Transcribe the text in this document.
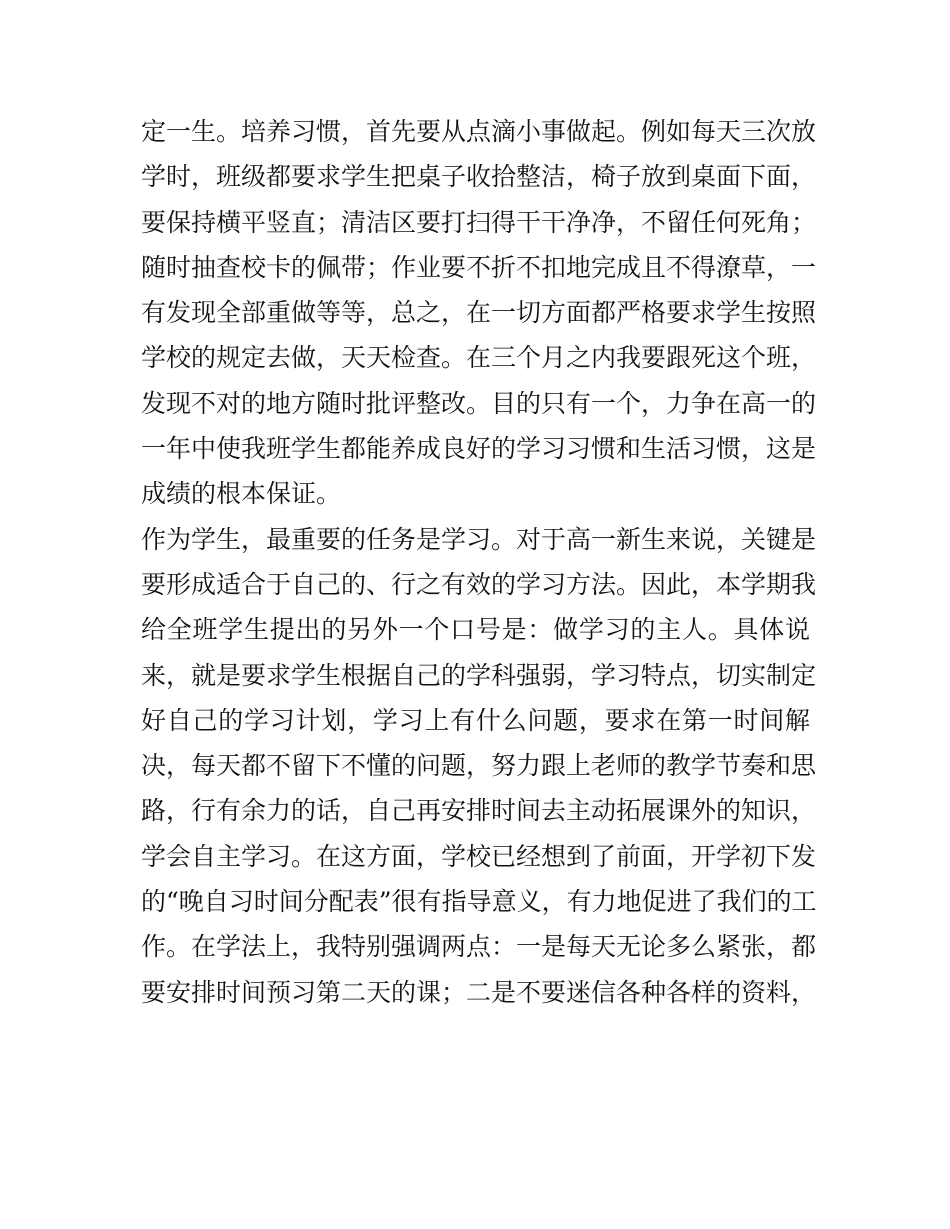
定一生。培养习惯，首先要从点滴小事做起。例如每天三次放
学时，班级都要求学生把桌子收拾整洁，椅子放到桌面下面，
要保持横平竖直；清洁区要打扫得干干净净，不留任何死角；
随时抽查校卡的佩带；作业要不折不扣地完成且不得潦草，一
有发现全部重做等等，总之，在一切方面都严格要求学生按照
学校的规定去做，天天检查。在三个月之内我要跟死这个班，
发现不对的地方随时批评整改。目的只有一个，力争在高一的
一年中使我班学生都能养成良好的学习习惯和生活习惯，这是
成绩的根本保证。
作为学生，最重要的任务是学习。对于高一新生来说，关键是
要形成适合于自己的、行之有效的学习方法。因此，本学期我
给全班学生提出的另外一个口号是：做学习的主人。具体说
来，就是要求学生根据自己的学科强弱，学习特点，切实制定
好自己的学习计划，学习上有什么问题，要求在第一时间解
决，每天都不留下不懂的问题，努力跟上老师的教学节奏和思
路，行有余力的话，自己再安排时间去主动拓展课外的知识，
学会自主学习。在这方面，学校已经想到了前面，开学初下发
的“晚自习时间分配表”很有指导意义，有力地促进了我们的工
作。在学法上，我特别强调两点：一是每天无论多么紧张，都
要安排时间预习第二天的课；二是不要迷信各种各样的资料，
